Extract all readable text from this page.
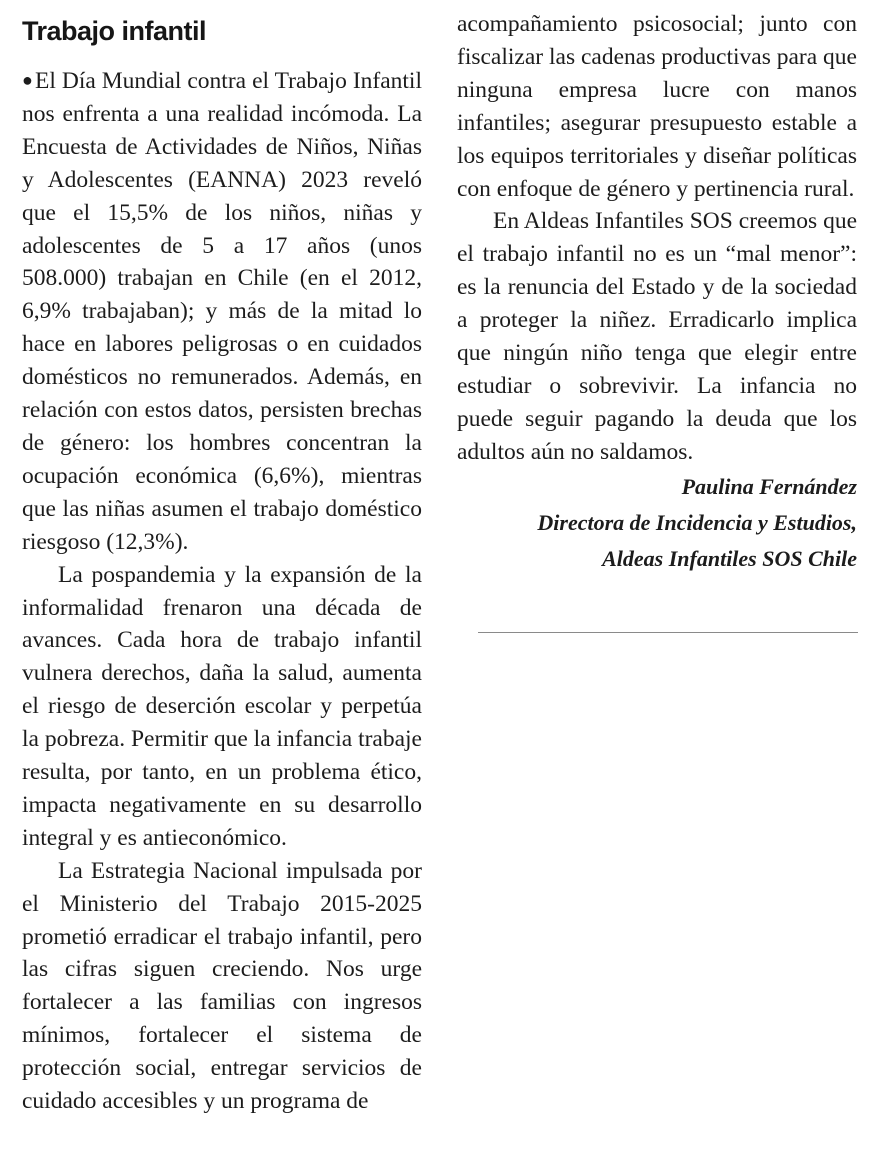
Trabajo infantil

●El Día Mundial contra el Trabajo Infantil nos enfrenta a una realidad incómoda. La Encuesta de Actividades de Niños, Niñas y Adolescentes (EANNA) 2023 reveló que el 15,5% de los niños, niñas y adolescentes de 5 a 17 años (unos 508.000) trabajan en Chile (en el 2012, 6,9% trabajaban); y más de la mitad lo hace en labores peligrosas o en cuidados domésticos no remunerados. Además, en relación con estos datos, persisten brechas de género: los hombres concentran la ocupación económica (6,6%), mientras que las niñas asumen el trabajo doméstico riesgoso (12,3%).

La pospandemia y la expansión de la informalidad frenaron una década de avances. Cada hora de trabajo infantil vulnera derechos, daña la salud, aumenta el riesgo de deserción escolar y perpetúa la pobreza. Permitir que la infancia trabaje resulta, por tanto, en un problema ético, impacta negativamente en su desarrollo integral y es antieconómico.

La Estrategia Nacional impulsada por el Ministerio del Trabajo 2015-2025 prometió erradicar el trabajo infantil, pero las cifras siguen creciendo. Nos urge fortalecer a las familias con ingresos mínimos, fortalecer el sistema de protección social, entregar servicios de cuidado accesibles y un programa de

acompañamiento psicosocial; junto con fiscalizar las cadenas productivas para que ninguna empresa lucre con manos infantiles; asegurar presupuesto estable a los equipos territoriales y diseñar políticas con enfoque de género y pertinencia rural.

En Aldeas Infantiles SOS creemos que el trabajo infantil no es un “mal menor”: es la renuncia del Estado y de la sociedad a proteger la niñez. Erradicarlo implica que ningún niño tenga que elegir entre estudiar o sobrevivir. La infancia no puede seguir pagando la deuda que los adultos aún no saldamos.

Paulina Fernández
Directora de Incidencia y Estudios,
Aldeas Infantiles SOS Chile
